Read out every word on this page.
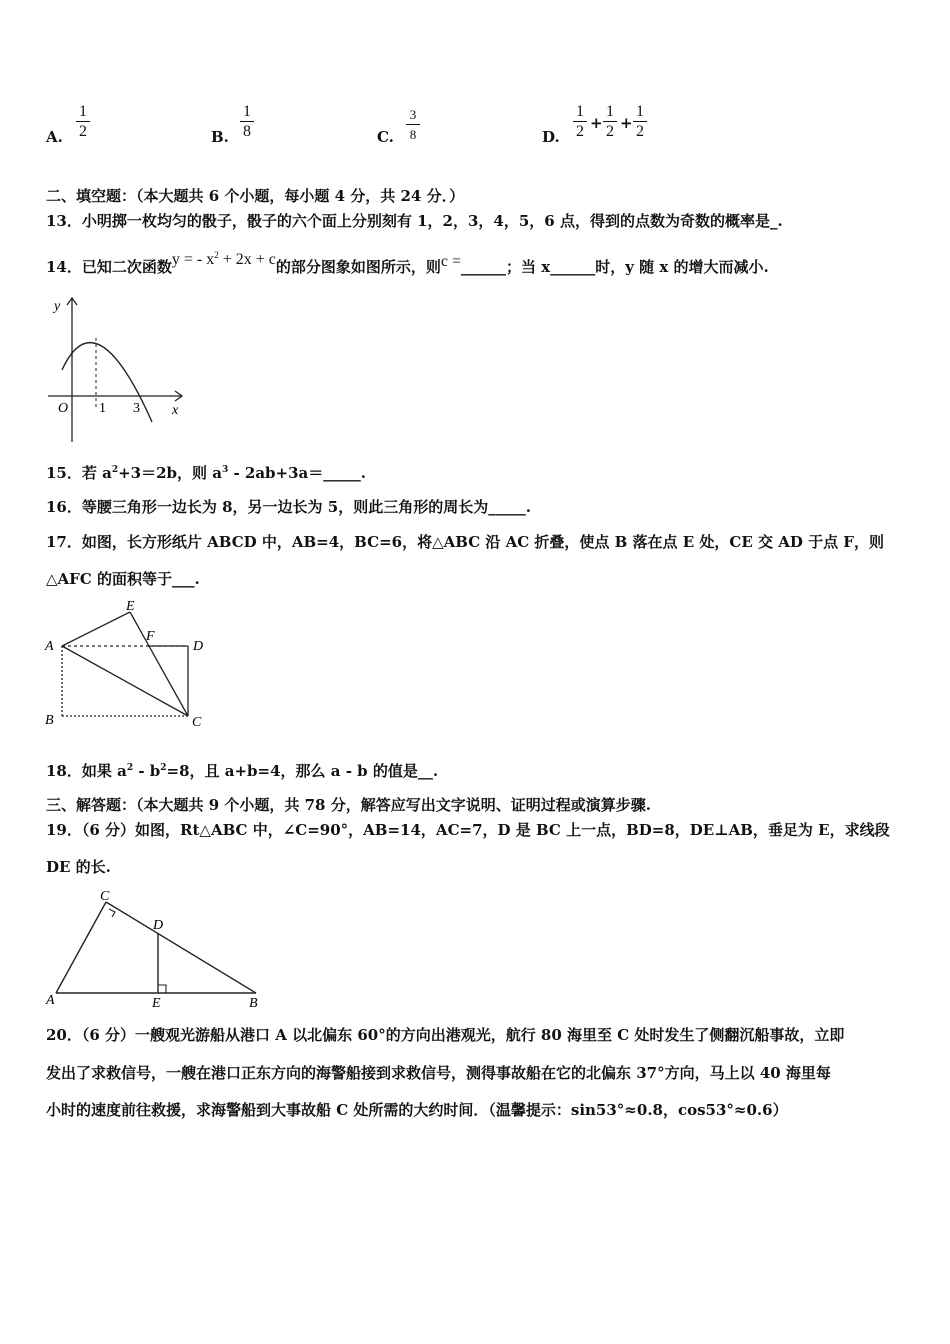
A.
1
2	B.
1
8	C.
3
8	D.
1
2 +
1
2 +
1
2
二、填空题：（本大题共 6 个小题，每小题 4 分，共 24 分．）
13．小明掷一枚均匀的骰子，骰子的六个面上分别刻有 1，2，3，4，5，6 点，得到的点数为奇数的概率是_.
14．已知二次函数y = - $x^2 + 2x + c$的部分图象如图所示，则c =______；当 x______时，y 随 x 的增大而减小.
y
x
O 1 3
15．若 $a^2+3=2b$，则 $a^3$ - 2ab+3a＝_____.
16．等腰三角形一边长为 8，另一边长为 5，则此三角形的周长为_____.
17．如图，长方形纸片 ABCD 中，AB=4，BC=6，将△ABC 沿 AC 折叠，使点 B 落在点 E 处，CE 交 AD 于点 F，则
△AFC 的面积等于___.
A
B	C
D
E
F
18．如果 $a^2 - b^2=8$，且 a+b=4，那么 a - b 的值是__.
三、解答题：（本大题共 9 个小题，共 78 分，解答应写出文字说明、证明过程或演算步骤.
19．（6 分）如图，Rt△ABC 中，∠C=90°，AB=14，AC=7，D 是 BC 上一点，BD=8，DE⊥AB，垂足为 E，求线段
DE 的长.
A	B
C
D
E
20．（6 分）一艘观光游船从港口 A 以北偏东 60°的方向出港观光，航行 80 海里至 C 处时发生了侧翻沉船事故，立即
发出了求救信号，一艘在港口正东方向的海警船接到求救信号，测得事故船在它的北偏东 37°方向，马上以 40 海里每
小时的速度前往救援，求海警船到大事故船 C 处所需的大约时间．（温馨提示：sin53°≈0.8，cos53°≈0.6）
